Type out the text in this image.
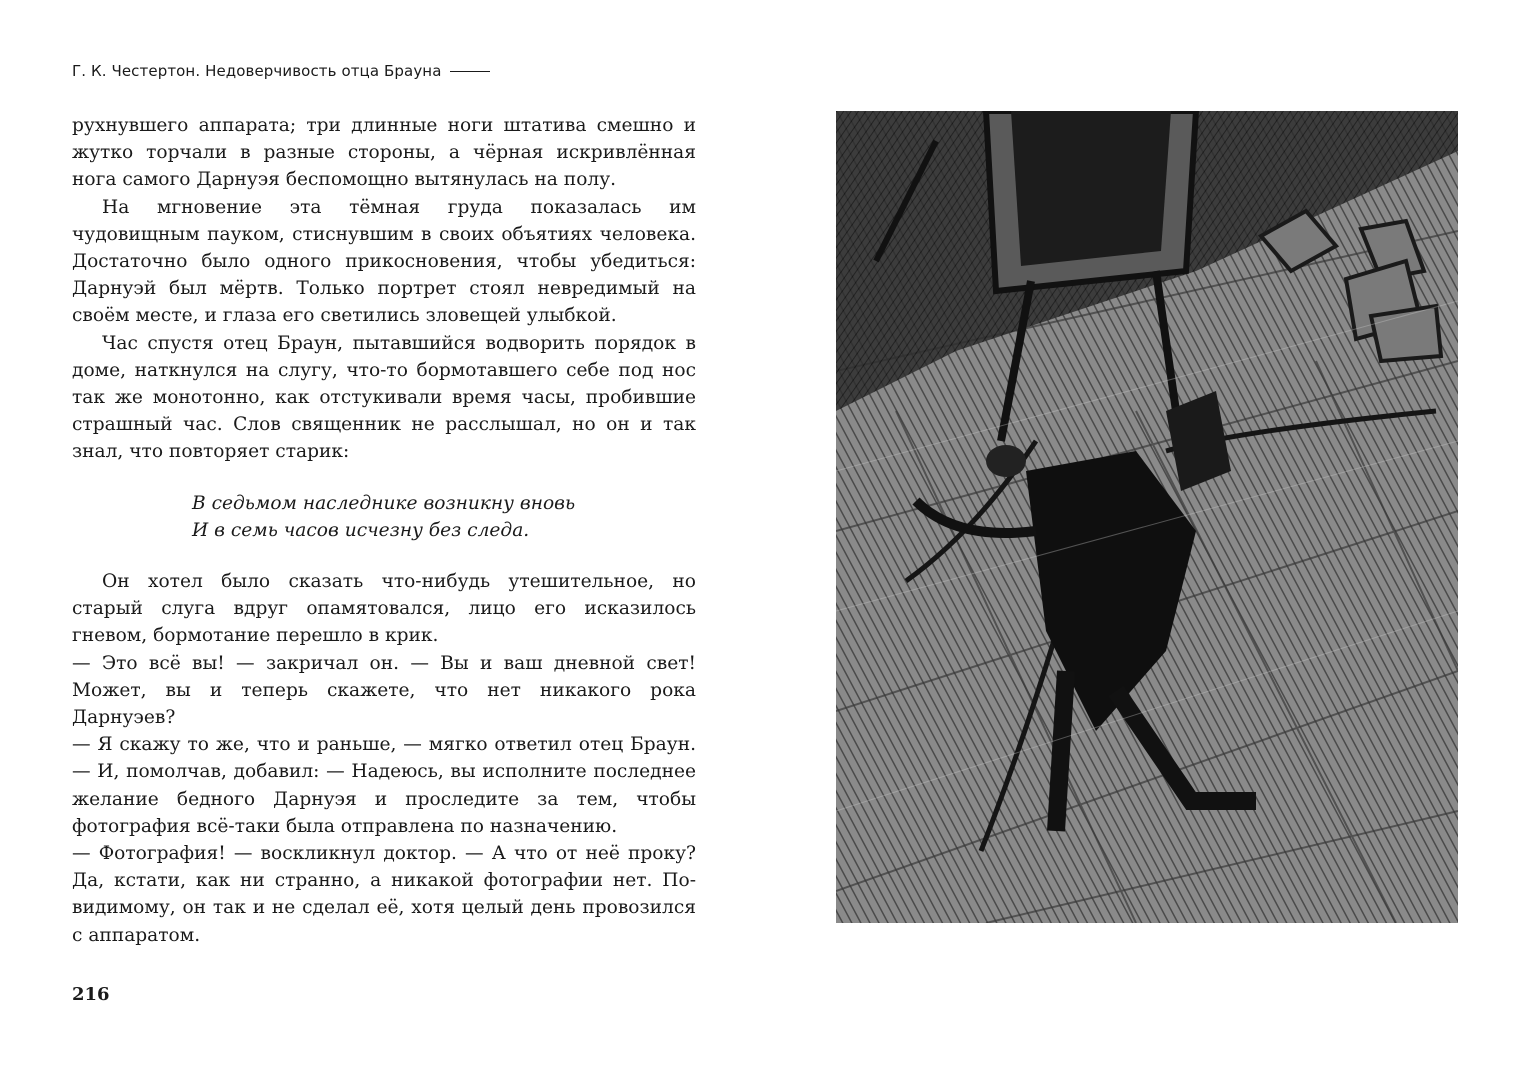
Г. К. Честертон. Недоверчивость отца Брауна

рухнувшего аппарата; три длинные ноги штатива смешно и жутко торчали в разные стороны, а чёрная искривлённая нога самого Дарнуэя беспомощно вытянулась на полу.

На мгновение эта тёмная груда показалась им чудовищным пауком, стиснувшим в своих объятиях человека. Достаточно было одного прикосновения, чтобы убедиться: Дарнуэй был мёртв. Только портрет стоял невредимый на своём месте, и глаза его светились зловещей улыбкой.

Час спустя отец Браун, пытавшийся водворить порядок в доме, наткнулся на слугу, что-то бормотавшего себе под нос так же монотонно, как отстукивали время часы, пробившие страшный час. Слов священник не расслышал, но он и так знал, что повторяет старик:

В седьмом наследнике возникну вновь
И в семь часов исчезну без следа.

Он хотел было сказать что-нибудь утешительное, но старый слуга вдруг опамятовался, лицо его исказилось гневом, бормотание перешло в крик.

— Это всё вы! — закричал он. — Вы и ваш дневной свет! Может, вы и теперь скажете, что нет никакого рока Дарнуэев?

— Я скажу то же, что и раньше, — мягко ответил отец Браун. — И, помолчав, добавил: — Надеюсь, вы исполните последнее желание бедного Дарнуэя и проследите за тем, чтобы фотография всё-таки была отправлена по назначению.

— Фотография! — воскликнул доктор. — А что от неё проку? Да, кстати, как ни странно, а никакой фотографии нет. По-видимому, он так и не сделал её, хотя целый день провозился с аппаратом.

216
